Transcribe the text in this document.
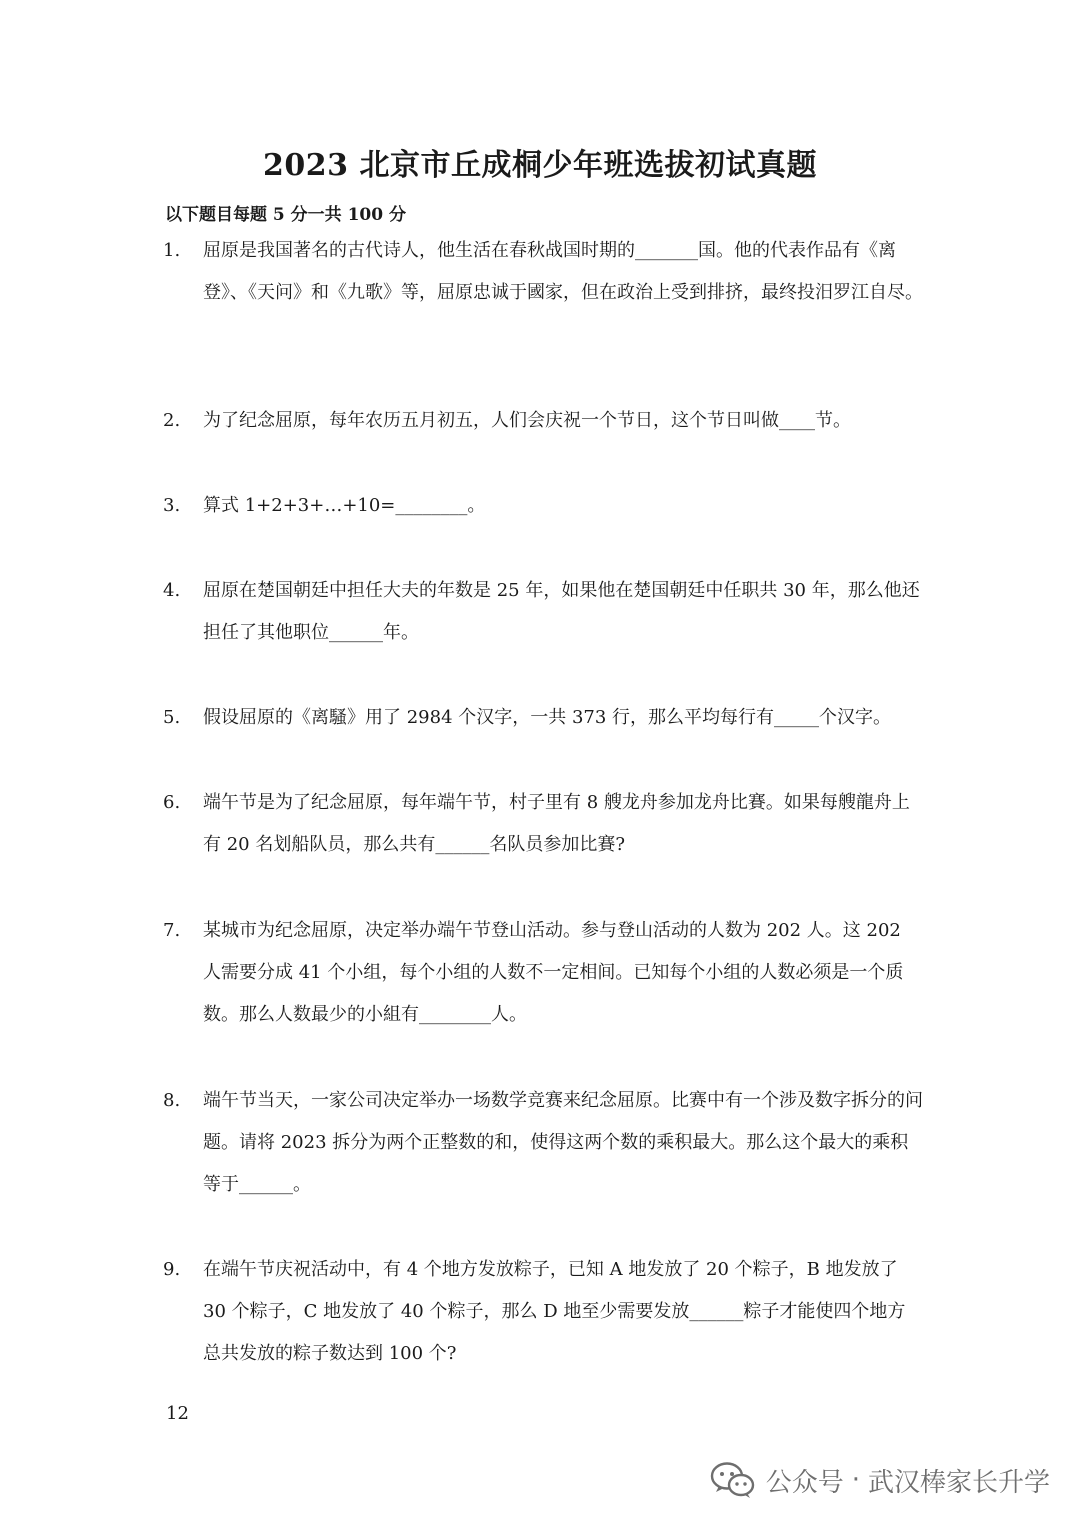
2023 北京市丘成桐少年班选拔初试真题

以下题目每题 5 分一共 100 分

1. 屈原是我国著名的古代诗人，他生活在春秋战国时期的_______国。他的代表作品有《离登》、《天问》和《九歌》等，屈原忠诚于國家，但在政治上受到排挤，最终投汨罗江自尽。
2. 为了纪念屈原，每年农历五月初五，人们会庆祝一个节日，这个节日叫做____节。
3. 算式 1+2+3+…+10=________。
4. 屈原在楚国朝廷中担任大夫的年数是 25 年，如果他在楚国朝廷中任职共 30 年，那么他还担任了其他职位______年。
5. 假设屈原的《离騷》用了 2984 个汉字，一共 373 行，那么平均每行有_____个汉字。
6. 端午节是为了纪念屈原，每年端午节，村子里有 8 艘龙舟参加龙舟比賽。如果每艘龍舟上有 20 名划船队员，那么共有______名队员参加比賽?
7. 某城市为纪念屈原，决定举办端午节登山活动。参与登山活动的人数为 202 人。这 202 人需要分成 41 个小组，每个小组的人数不一定相间。已知每个小组的人数必须是一个质数。那么人数最少的小組有________人。
8. 端午节当天，一家公司决定举办一场数学竞赛来纪念屈原。比赛中有一个涉及数字拆分的问题。请将 2023 拆分为两个正整数的和，使得这两个数的乘积最大。那么这个最大的乘积等于______。
9. 在端午节庆祝活动中，有 4 个地方发放粽子，已知 A 地发放了 20 个粽子，B 地发放了 30 个粽子，C 地发放了 40 个粽子，那么 D 地至少需要发放______粽子才能使四个地方总共发放的粽子数达到 100 个?
12
公众号 · 武汉棒家长升学
